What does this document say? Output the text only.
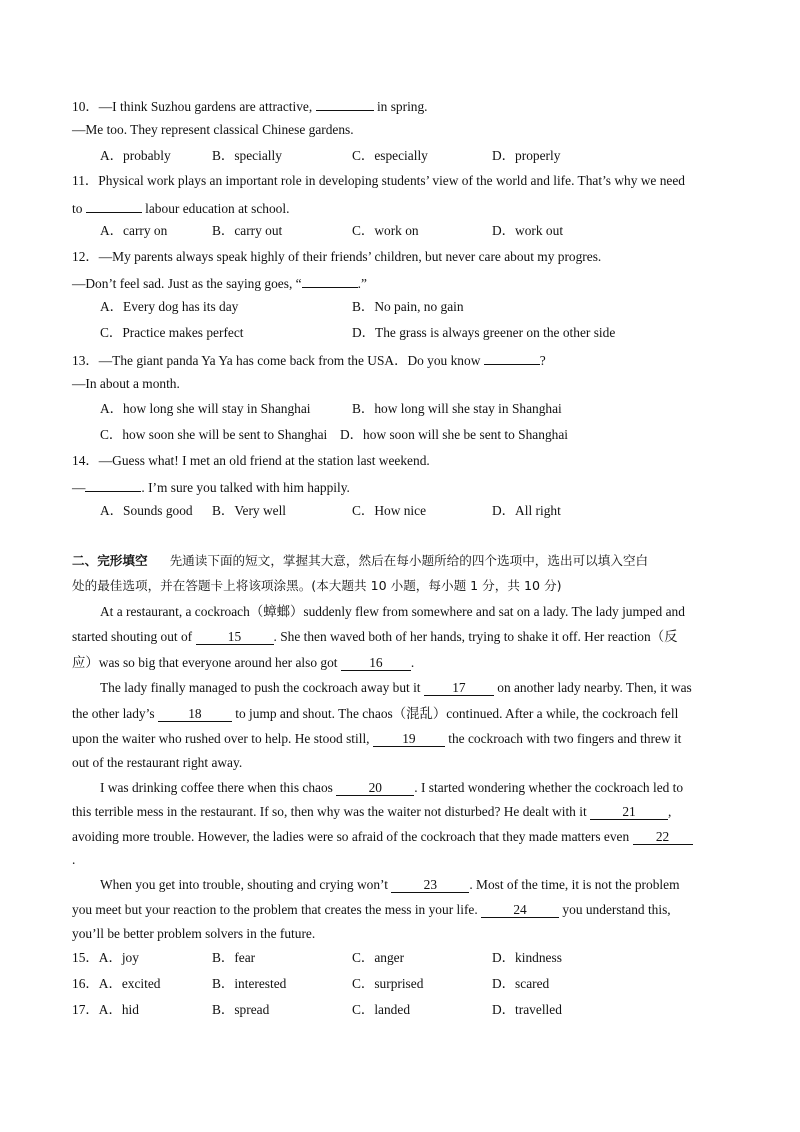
10．—I think Suzhou gardens are attractive,	in spring.
—Me too. They represent classical Chinese gardens.
A．probably	B．specially	C．especially	D．properly
11．Physical work plays an important role in developing students’ view of the world and life. That’s why we need
to	labour education at school.
A．carry on	B．carry out	C．work on	D．work out
12．—My parents always speak highly of their friends’ children, but never care about my progres.
—Don’t feel sad. Just as the saying goes, “	.”
A．Every dog has its day	B．No pain, no gain
C．Practice makes perfect	D．The grass is always greener on the other side
13．—The giant panda Ya Ya has come back from the USA．Do you know	?
—In about a month.
A．how long she will stay in Shanghai	B．how long will she stay in Shanghai
C．how soon she will be sent to Shanghai D．how soon will she be sent to Shanghai
14．—Guess what! I met an old friend at the station last weekend.
—	. I’m sure you talked with him happily.
A．Sounds good B．Very well	C．How nice	D．All right
二、完形填空 先通读下面的短文，掌握其大意，然后在每小题所给的四个选项中，选出可以填入空白
处的最佳选项，并在答题卡上将该项涂黑。(本大题共 10 小题，每小题 1 分，共 10 分)
At a restaurant, a cockroach（蟑螂）suddenly flew from somewhere and sat on a lady. The lady jumped and
started shouting out of	15 . She then waved both of her hands, trying to shake it off. Her reaction（反
应）was so big that everyone around her also got 16 .
The lady finally managed to push the cockroach away but it 17 on another lady nearby. Then, it was
the other lady’s	18	to jump and shout. The chaos（混乱）continued. After a while, the cockroach fell
upon the waiter who rushed over to help. He stood still, 19 the cockroach with two fingers and threw it
out of the restaurant right away.
I was drinking coffee there when this chaos	20 . I started wondering whether the cockroach led to
this terrible mess in the restaurant. If so, then why was the waiter not disturbed? He dealt with it	21 ,
avoiding more trouble. However, the ladies were so afraid of the cockroach that they made matters even 22
.
When you get into trouble, shouting and crying won’t	23 . Most of the time, it is not the problem
you meet but your reaction to the problem that creates the mess in your life.	24	you understand this,
you’ll be better problem solvers in the future.
15．A．joy	B．fear	C．anger	D．kindness
16．A．excited	B．interested	C．surprised	D．scared
17．A．hid	B．spread	C．landed	D．travelled
